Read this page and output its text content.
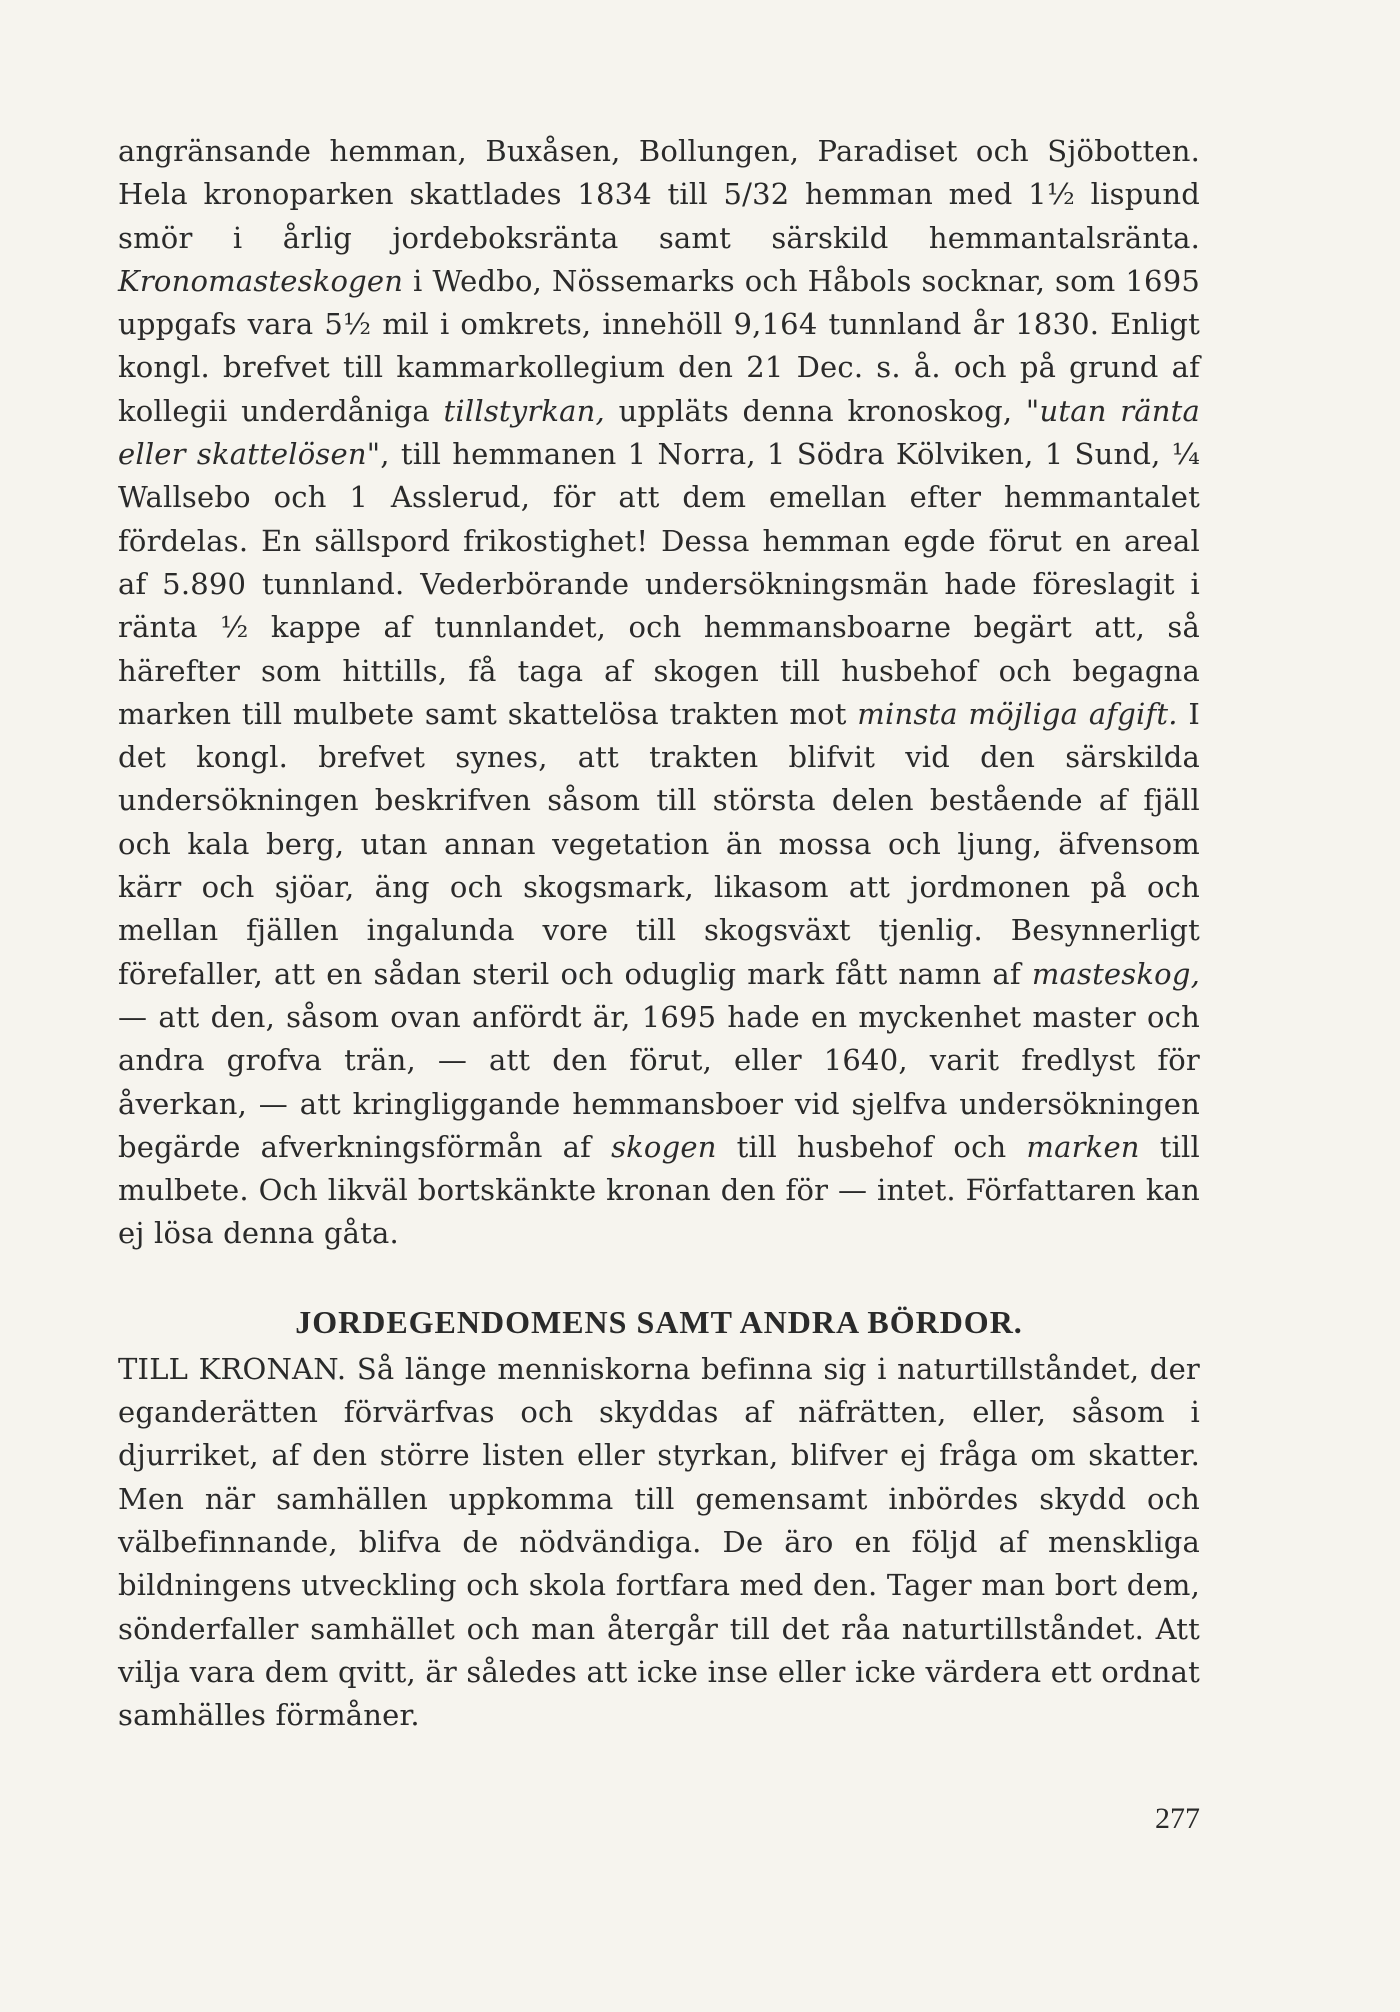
angränsande hemman, Buxåsen, Bollungen, Paradiset och Sjöbotten. Hela kronoparken skattlades 1834 till 5/32 hemman med 1½ lispund smör i årlig jordeboksränta samt särskild hemmantalsränta. Kronomasteskogen i Wedbo, Nössemarks och Håbols socknar, som 1695 uppgafs vara 5½ mil i omkrets, innehöll 9,164 tunnland år 1830. Enligt kongl. brefvet till kammarkollegium den 21 Dec. s. å. och på grund af kollegii underdåniga tillstyrkan, uppläts denna kronoskog, "utan ränta eller skattelösen", till hemmanen 1 Norra, 1 Södra Kölviken, 1 Sund, ¼ Wallsebo och 1 Asslerud, för att dem emellan efter hemmantalet fördelas. En sällspord frikostighet! Dessa hemman egde förut en areal af 5.890 tunnland. Vederbörande undersökningsmän hade föreslagit i ränta ½ kappe af tunnlandet, och hemmansboarne begärt att, så härefter som hittills, få taga af skogen till husbehof och begagna marken till mulbete samt skattelösa trakten mot minsta möjliga afgift. I det kongl. brefvet synes, att trakten blifvit vid den särskilda undersökningen beskrifven såsom till största delen bestående af fjäll och kala berg, utan annan vegetation än mossa och ljung, äfvensom kärr och sjöar, äng och skogsmark, likasom att jordmonen på och mellan fjällen ingalunda vore till skogsväxt tjenlig. Besynnerligt förefaller, att en sådan steril och oduglig mark fått namn af masteskog, — att den, såsom ovan anfördt är, 1695 hade en myckenhet master och andra grofva trän, — att den förut, eller 1640, varit fredlyst för åverkan, — att kringliggande hemmansboer vid sjelfva undersökningen begärde afverkningsförmån af skogen till husbehof och marken till mulbete. Och likväl bortskänkte kronan den för — intet. Författaren kan ej lösa denna gåta.

JORDEGENDOMENS SAMT ANDRA BÖRDOR.

TILL KRONAN. Så länge menniskorna befinna sig i naturtillståndet, der eganderätten förvärfvas och skyddas af näfrätten, eller, såsom i djurriket, af den större listen eller styrkan, blifver ej fråga om skatter. Men när samhällen uppkomma till gemensamt inbördes skydd och välbefinnande, blifva de nödvändiga. De äro en följd af menskliga bildningens utveckling och skola fortfara med den. Tager man bort dem, sönderfaller samhället och man återgår till det råa naturtillståndet. Att vilja vara dem qvitt, är således att icke inse eller icke värdera ett ordnat samhälles förmåner.

277
